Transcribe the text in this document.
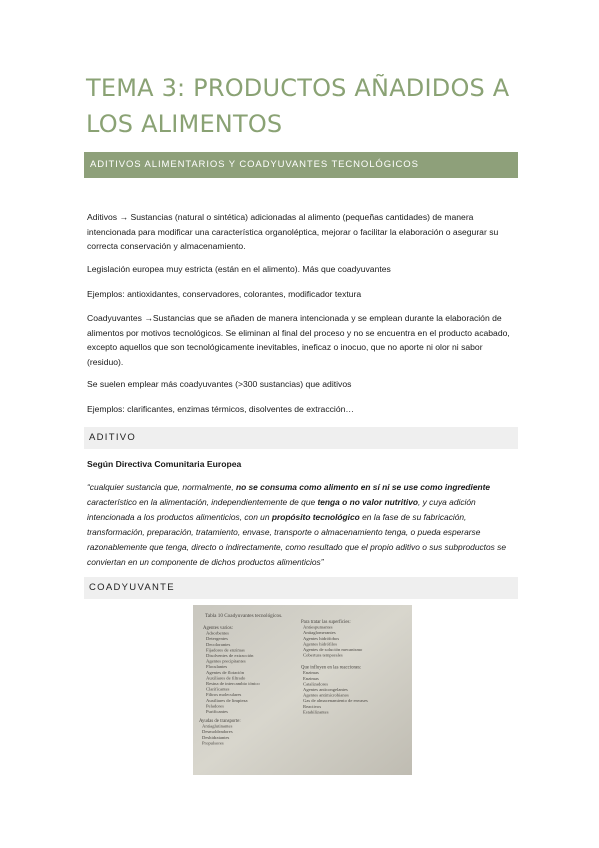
TEMA 3: PRODUCTOS AÑADIDOS A LOS ALIMENTOS
ADITIVOS ALIMENTARIOS Y COADYUVANTES TECNOLÓGICOS

Aditivos → Sustancias (natural o sintética) adicionadas al alimento (pequeñas cantidades) de manera intencionada para modificar una característica organoléptica, mejorar o facilitar la elaboración o asegurar su correcta conservación y almacenamiento.

Legislación europea muy estricta (están en el alimento). Más que coadyuvantes

Ejemplos: antioxidantes, conservadores, colorantes, modificador textura

Coadyuvantes →Sustancias que se añaden de manera intencionada y se emplean durante la elaboración de alimentos por motivos tecnológicos. Se eliminan al final del proceso y no se encuentra en el producto acabado, excepto aquellos que son tecnológicamente inevitables, ineficaz o inocuo, que no aporte ni olor ni sabor (residuo).

Se suelen emplear más coadyuvantes (>300 sustancias) que aditivos

Ejemplos: clarificantes, enzimas térmicos, disolventes de extracción…

ADITIVO
Según Directiva Comunitaria Europea
“cualquier sustancia que, normalmente, no se consuma como alimento en sí ni se use como ingrediente característico en la alimentación, independientemente de que tenga o no valor nutritivo, y cuya adición intencionada a los productos alimenticios, con un propósito tecnológico en la fase de su fabricación, transformación, preparación, tratamiento, envase, transporte o almacenamiento tenga, o pueda esperarse razonablemente que tenga, directo o indirectamente, como resultado que el propio aditivo o sus subproductos se conviertan en un componente de dichos productos alimenticios”
COADYUVANTE
Tabla 10 Coadyuvantes tecnológicos.
Agentes varios:
Adsorbentes
Detergentes
Decolorantes
Fijadores de enzimas
Disolventes de extracción
Agentes precipitantes
Floculantes
Agentes de flotación
Auxiliares de filtrado
Resina de intercambio iónico
Clarificantes
Filtros moleculares
Auxiliares de limpieza
Peladores
Purificantes
Ayudas de transporte:
Antiaglutinantes
Desmoldeadores
Deshidratantes
Propulsores
Para tratar las superficies:
Antiespumantes
Antiaglomerantes
Agentes hidrófobos
Agentes hidrófilos
Agentes de solución mecanismo
Cobertura temporales
Que influyen en las reacciones:
Enzimas
Enzimas
Catalizadores
Agentes anticongelantes
Agentes antimicrobianos
Gas de almacenamiento de envases
Reactivos
Estabilizantes
